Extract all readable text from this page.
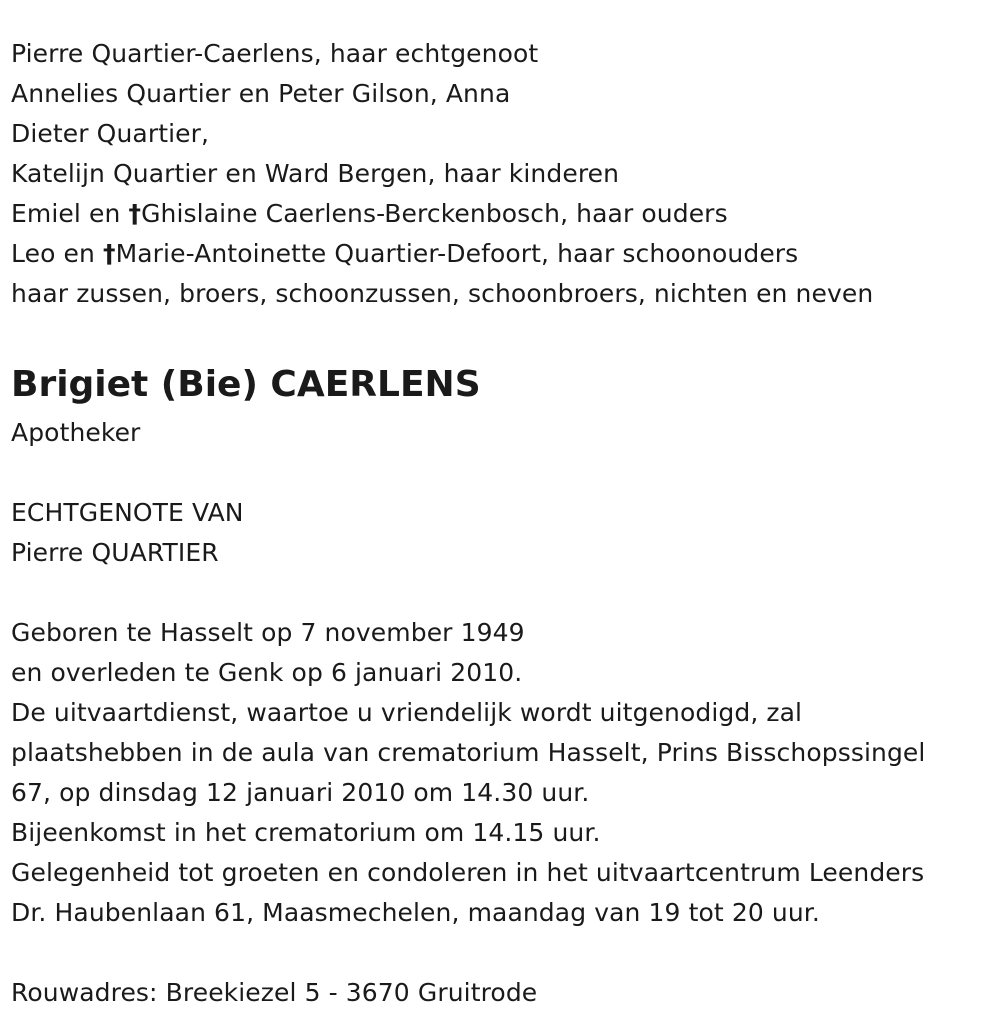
Pierre Quartier-Caerlens, haar echtgenoot
Annelies Quartier en Peter Gilson, Anna
Dieter Quartier,
Katelijn Quartier en Ward Bergen, haar kinderen
Emiel en †Ghislaine Caerlens-Berckenbosch, haar ouders
Leo en †Marie-Antoinette Quartier-Defoort, haar schoonouders
haar zussen, broers, schoonzussen, schoonbroers, nichten en neven
Brigiet (Bie) CAERLENS
Apotheker
ECHTGENOTE VAN
Pierre QUARTIER
Geboren te Hasselt op 7 november 1949
en overleden te Genk op 6 januari 2010.
De uitvaartdienst, waartoe u vriendelijk wordt uitgenodigd, zal
plaatshebben in de aula van crematorium Hasselt, Prins Bisschopssingel
67, op dinsdag 12 januari 2010 om 14.30 uur.
Bijeenkomst in het crematorium om 14.15 uur.
Gelegenheid tot groeten en condoleren in het uitvaartcentrum Leenders
Dr. Haubenlaan 61, Maasmechelen, maandag van 19 tot 20 uur.
Rouwadres: Breekiezel 5 - 3670 Gruitrode
